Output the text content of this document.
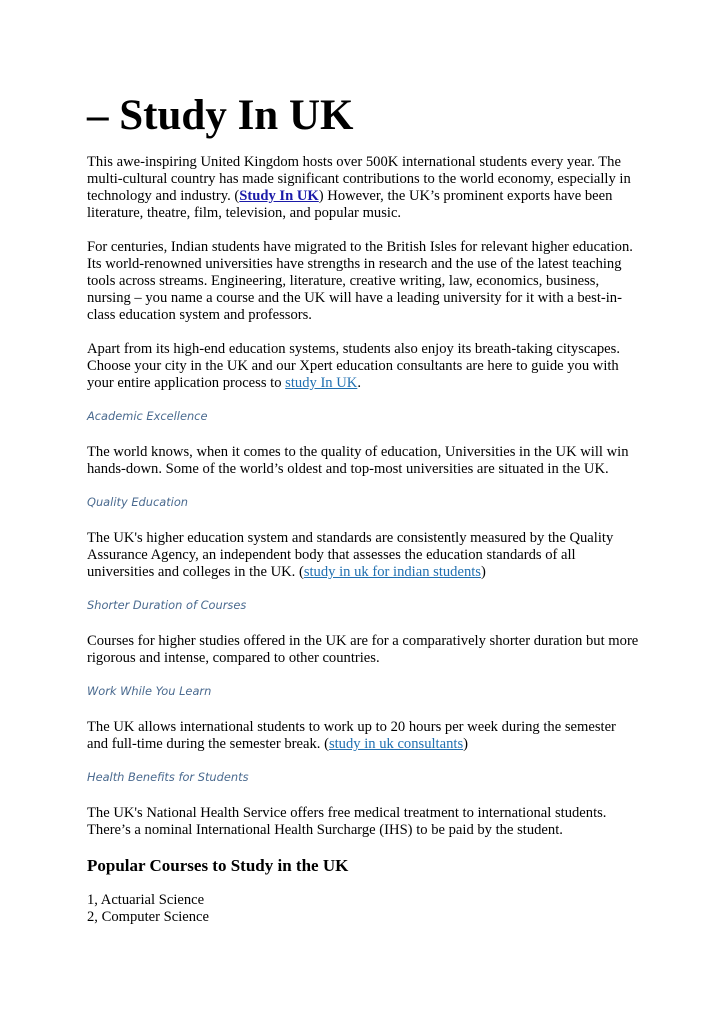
– Study In UK

This awe-inspiring United Kingdom hosts over 500K international students every year. The multi-cultural country has made significant contributions to the world economy, especially in technology and industry. (Study In UK) However, the UK’s prominent exports have been literature, theatre, film, television, and popular music.

For centuries, Indian students have migrated to the British Isles for relevant higher education. Its world-renowned universities have strengths in research and the use of the latest teaching tools across streams. Engineering, literature, creative writing, law, economics, business, nursing – you name a course and the UK will have a leading university for it with a best-in-class education system and professors.

Apart from its high-end education systems, students also enjoy its breath-taking cityscapes. Choose your city in the UK and our Xpert education consultants are here to guide you with your entire application process to study In UK.

Academic Excellence

The world knows, when it comes to the quality of education, Universities in the UK will win hands-down. Some of the world’s oldest and top-most universities are situated in the UK.

Quality Education

The UK's higher education system and standards are consistently measured by the Quality Assurance Agency, an independent body that assesses the education standards of all universities and colleges in the UK. (study in uk for indian students)

Shorter Duration of Courses

Courses for higher studies offered in the UK are for a comparatively shorter duration but more rigorous and intense, compared to other countries.

Work While You Learn

The UK allows international students to work up to 20 hours per week during the semester and full-time during the semester break. (study in uk consultants)

Health Benefits for Students

The UK's National Health Service offers free medical treatment to international students. There’s a nominal International Health Surcharge (IHS) to be paid by the student.

Popular Courses to Study in the UK

1, Actuarial Science

2, Computer Science
